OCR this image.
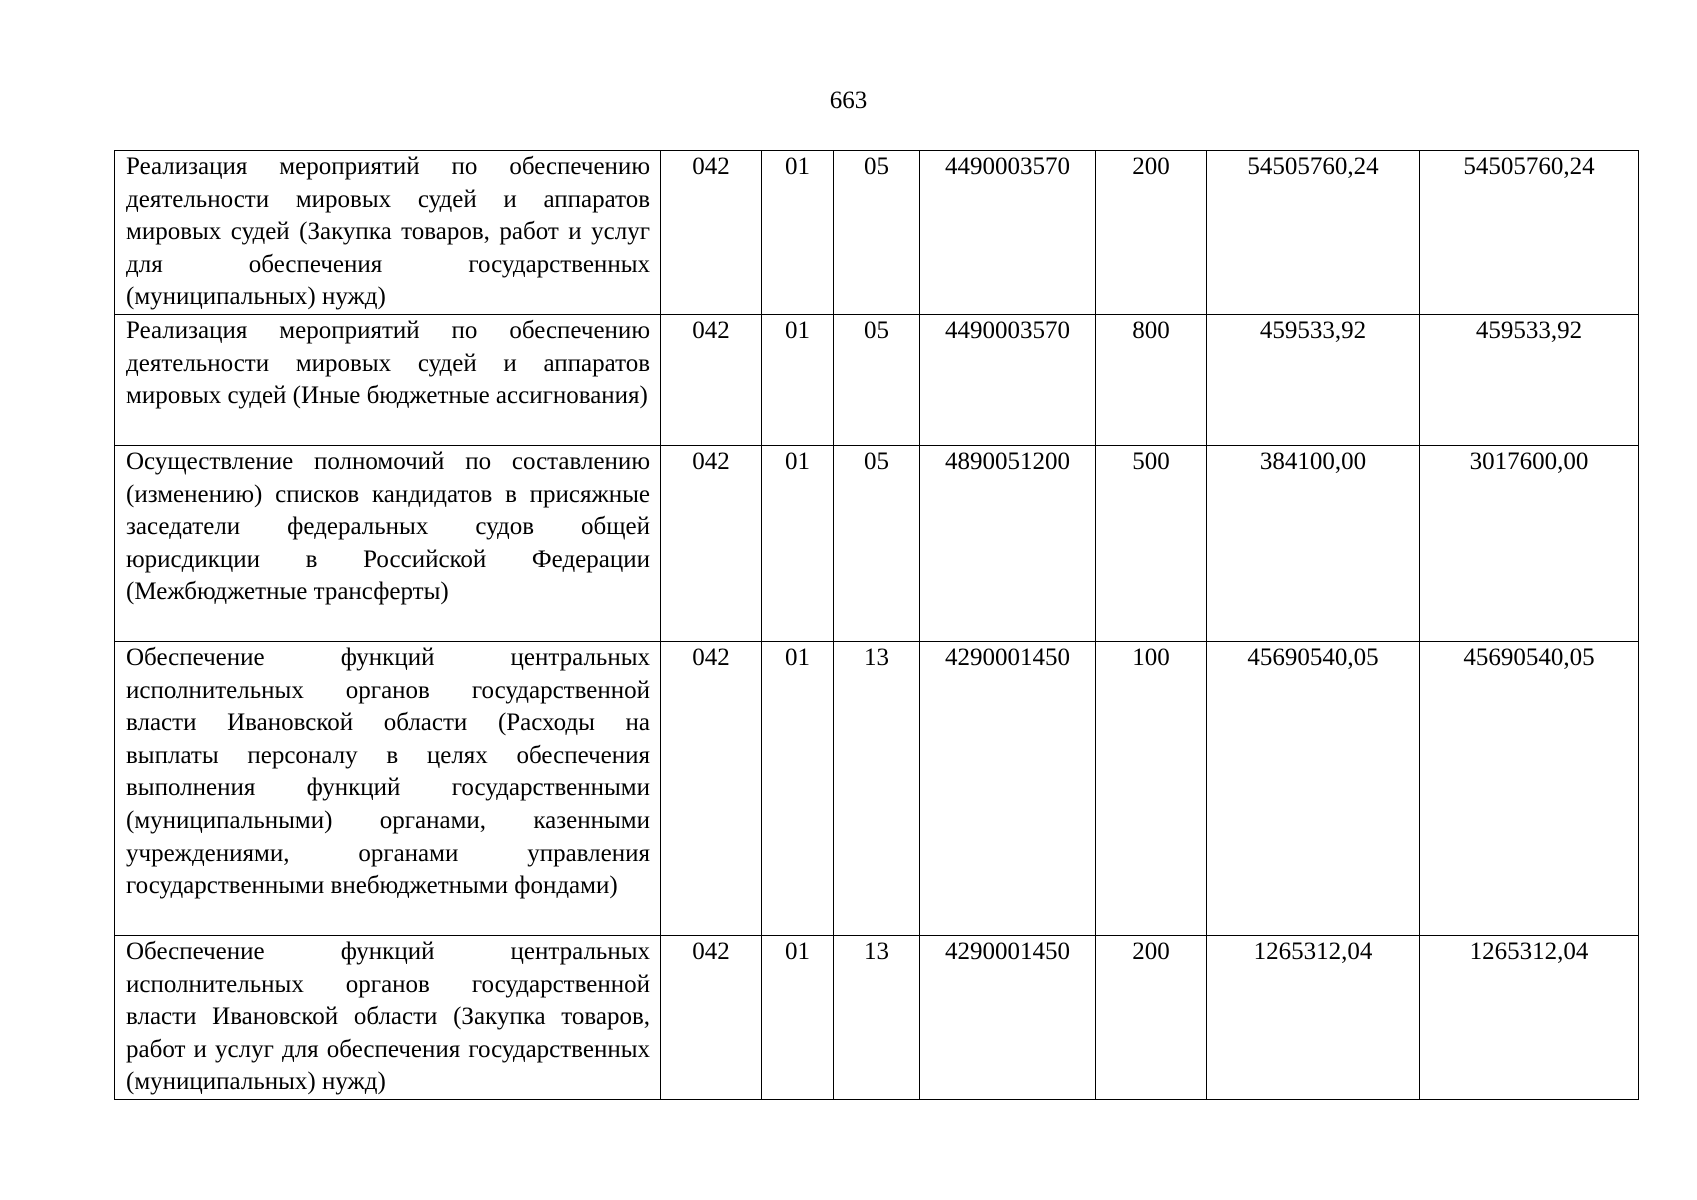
663
Реализация мероприятий по обеспечению деятельности мировых судей и аппаратов мировых судей (Закупка товаров, работ и услуг для обеспечения государственных (муниципальных) нужд)	042	01	05	4490003570	200	54505760,24	54505760,24
Реализация мероприятий по обеспечению деятельности мировых судей и аппаратов мировых судей (Иные бюджетные ассигнования)	042	01	05	4490003570	800	459533,92	459533,92
Осуществление полномочий по составлению (изменению) списков кандидатов в присяжные заседатели федеральных судов общей юрисдикции в Российской Федерации (Межбюджетные трансферты)	042	01	05	4890051200	500	384100,00	3017600,00
Обеспечение функций центральных исполнительных органов государственной власти Ивановской области (Расходы на выплаты персоналу в целях обеспечения выполнения функций государственными (муниципальными) органами, казенными учреждениями, органами управления государственными внебюджетными фондами)	042	01	13	4290001450	100	45690540,05	45690540,05
Обеспечение функций центральных исполнительных органов государственной власти Ивановской области (Закупка товаров, работ и услуг для обеспечения государственных (муниципальных) нужд)	042	01	13	4290001450	200	1265312,04	1265312,04
